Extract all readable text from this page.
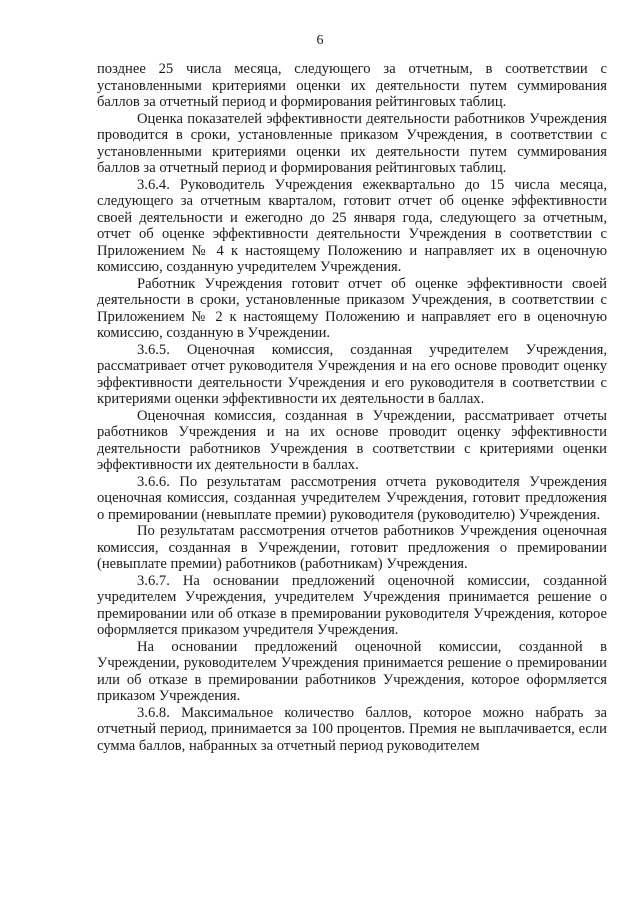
6

позднее 25 числа месяца, следующего за отчетным, в соответствии с установленными критериями оценки их деятельности путем суммирования баллов за отчетный период и формирования рейтинговых таблиц.

Оценка показателей эффективности деятельности работников Учреждения проводится в сроки, установленные приказом Учреждения, в соответствии с установленными критериями оценки их деятельности путем суммирования баллов за отчетный период и формирования рейтинговых таблиц.

3.6.4. Руководитель Учреждения ежеквартально до 15 числа месяца, следующего за отчетным кварталом, готовит отчет об оценке эффективности своей деятельности и ежегодно до 25 января года, следующего за отчетным, отчет об оценке эффективности деятельности Учреждения в соответствии с Приложением № 4 к настоящему Положению и направляет их в оценочную комиссию, созданную учредителем Учреждения.

Работник Учреждения готовит отчет об оценке эффективности своей деятельности в сроки, установленные приказом Учреждения, в соответствии с Приложением № 2 к настоящему Положению и направляет его в оценочную комиссию, созданную в Учреждении.

3.6.5. Оценочная комиссия, созданная учредителем Учреждения, рассматривает отчет руководителя Учреждения и на его основе проводит оценку эффективности деятельности Учреждения и его руководителя в соответствии с критериями оценки эффективности их деятельности в баллах.

Оценочная комиссия, созданная в Учреждении, рассматривает отчеты работников Учреждения и на их основе проводит оценку эффективности деятельности работников Учреждения в соответствии с критериями оценки эффективности их деятельности в баллах.

3.6.6. По результатам рассмотрения отчета руководителя Учреждения оценочная комиссия, созданная учредителем Учреждения, готовит предложения о премировании (невыплате премии) руководителя (руководителю) Учреждения.

По результатам рассмотрения отчетов работников Учреждения оценочная комиссия, созданная в Учреждении, готовит предложения о премировании (невыплате премии) работников (работникам) Учреждения.

3.6.7. На основании предложений оценочной комиссии, созданной учредителем Учреждения, учредителем Учреждения принимается решение о премировании или об отказе в премировании руководителя Учреждения, которое оформляется приказом учредителя Учреждения.

На основании предложений оценочной комиссии, созданной в Учреждении, руководителем Учреждения принимается решение о премировании или об отказе в премировании работников Учреждения, которое оформляется приказом Учреждения.

3.6.8. Максимальное количество баллов, которое можно набрать за отчетный период, принимается за 100 процентов. Премия не выплачивается, если сумма баллов, набранных за отчетный период руководителем
